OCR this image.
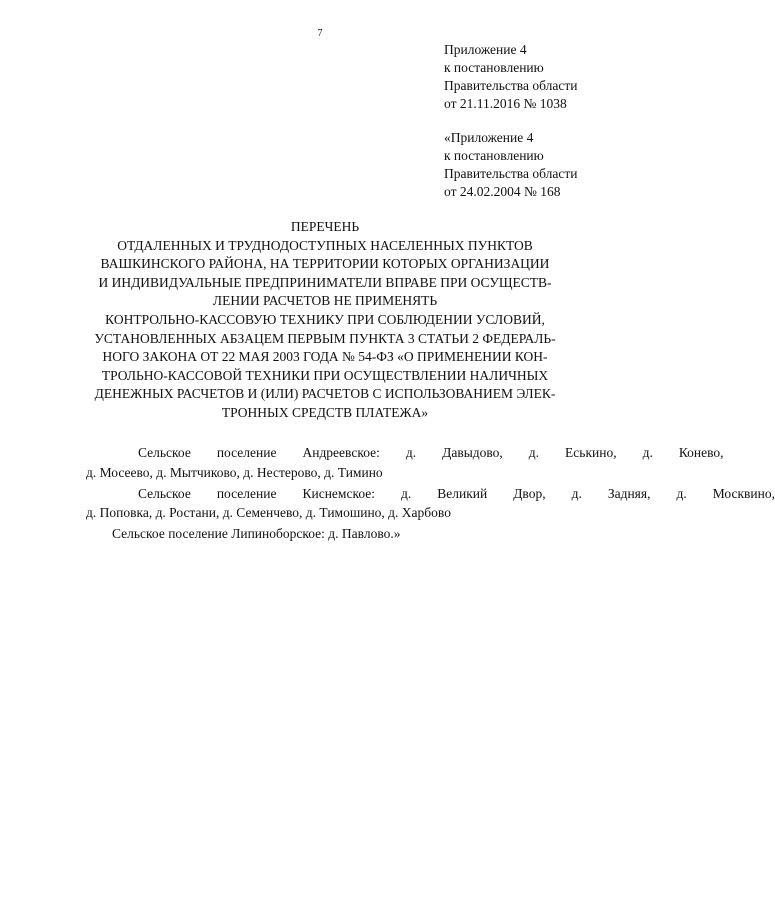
7
Приложение 4
к постановлению
Правительства области
от 21.11.2016 № 1038
«Приложение 4
к постановлению
Правительства области
от 24.02.2004 № 168
ПЕРЕЧЕНЬ
ОТДАЛЕННЫХ И ТРУДНОДОСТУПНЫХ НАСЕЛЕННЫХ ПУНКТОВ
ВАШКИНСКОГО РАЙОНА, НА ТЕРРИТОРИИ КОТОРЫХ ОРГАНИЗАЦИИ
И ИНДИВИДУАЛЬНЫЕ ПРЕДПРИНИМАТЕЛИ ВПРАВЕ ПРИ ОСУЩЕСТВ-
ЛЕНИИ РАСЧЕТОВ НЕ ПРИМЕНЯТЬ
КОНТРОЛЬНО-КАССОВУЮ ТЕХНИКУ ПРИ СОБЛЮДЕНИИ УСЛОВИЙ,
УСТАНОВЛЕННЫХ АБЗАЦЕМ ПЕРВЫМ ПУНКТА 3 СТАТЬИ 2 ФЕДЕРАЛЬ-
НОГО ЗАКОНА ОТ 22 МАЯ 2003 ГОДА № 54-ФЗ «О ПРИМЕНЕНИИ КОН-
ТРОЛЬНО-КАССОВОЙ ТЕХНИКИ ПРИ ОСУЩЕСТВЛЕНИИ НАЛИЧНЫХ
ДЕНЕЖНЫХ РАСЧЕТОВ И (ИЛИ) РАСЧЕТОВ С ИСПОЛЬЗОВАНИЕМ ЭЛЕК-
ТРОННЫХ СРЕДСТВ ПЛАТЕЖА»
Сельское	поселение	Андреевское:	д.	Давыдово,	д.	Еськино,	д.	Конево,
д. Мосеево, д. Мытчиково, д. Нестерово, д. Тимино
Сельское	поселение	Киснемское:	д.	Великий	Двор,	д.	Задняя,	д.	Москвино,
д. Поповка, д. Ростани, д. Семенчево, д. Тимошино, д. Харбово
Сельское поселение Липиноборское: д. Павлово.»
